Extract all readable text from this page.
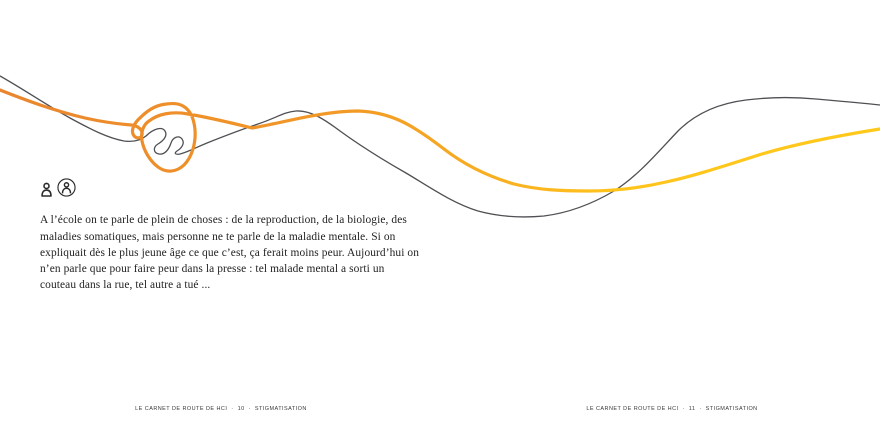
A l’école on te parle de plein de choses : de la reproduction, de la biologie, des maladies somatiques, mais personne ne te parle de la maladie mentale. Si on expliquait dès le plus jeune âge ce que c’est, ça ferait moins peur. Aujourd’hui on n’en parle que pour faire peur dans la presse : tel malade mental a sorti un couteau dans la rue, tel autre a tué ...

LE CARNET DE ROUTE DE HCI · 10 · STIGMATISATION	LE CARNET DE ROUTE DE HCI · 11 · STIGMATISATION
